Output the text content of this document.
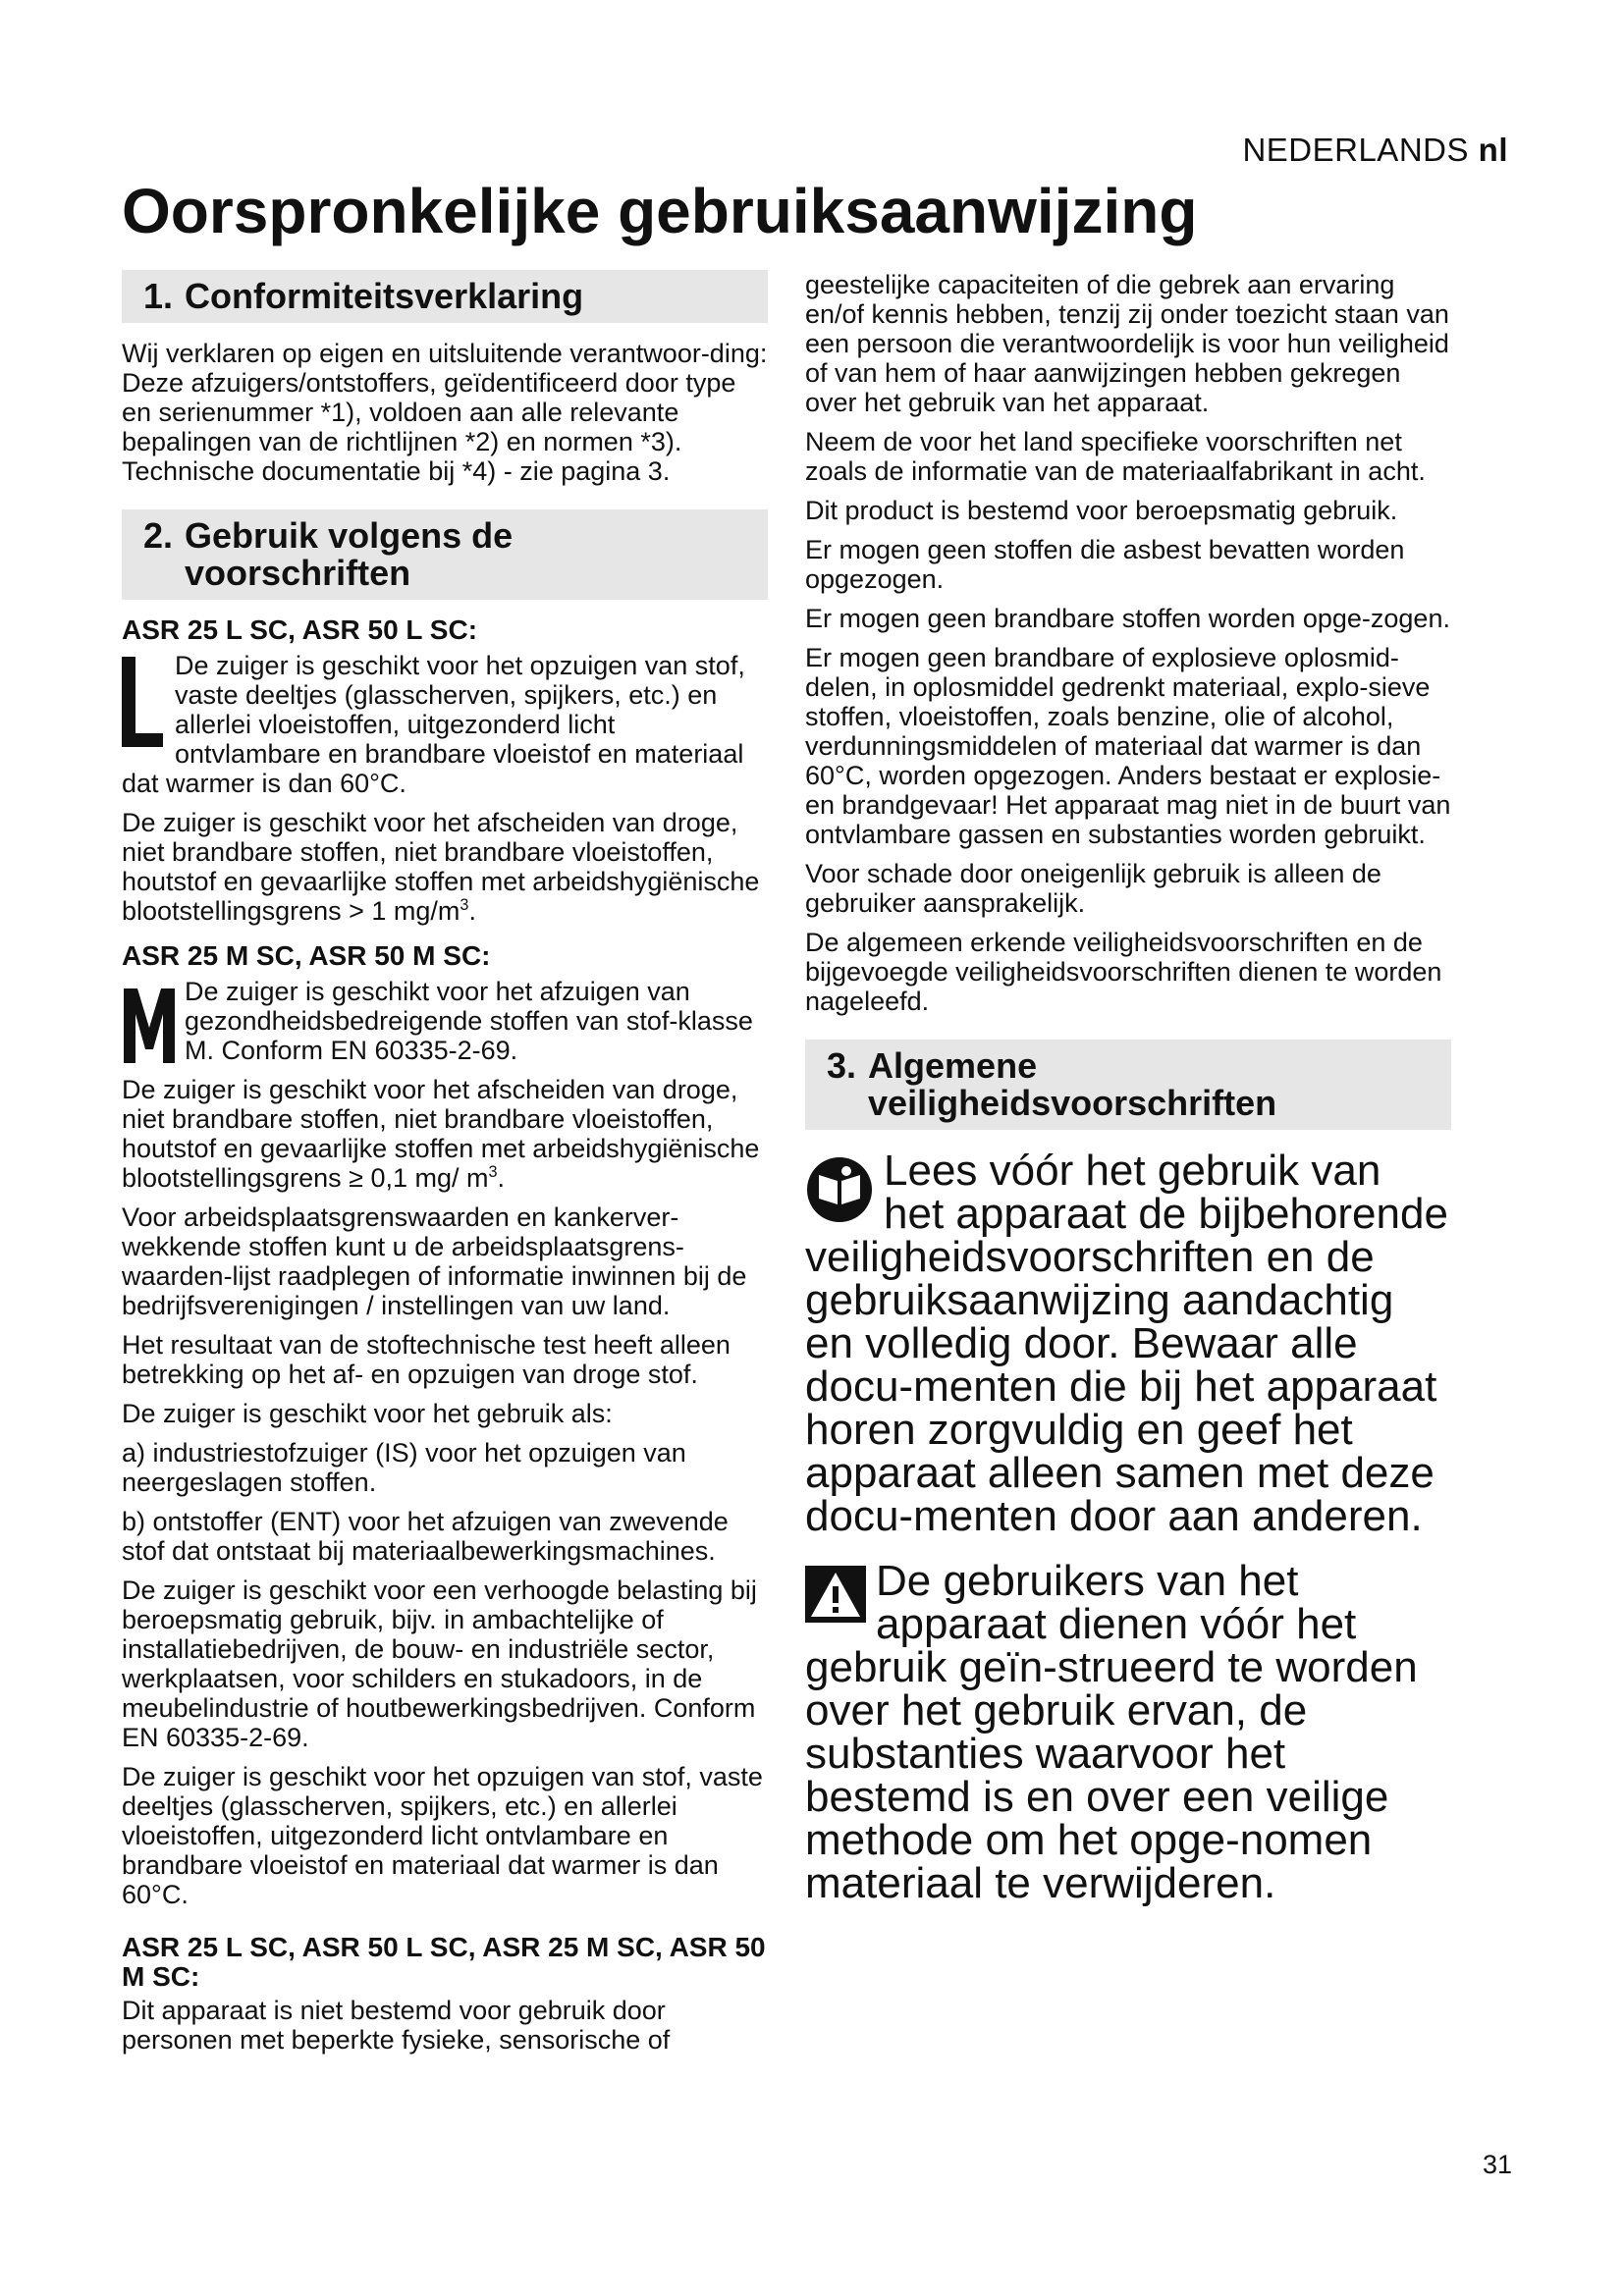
NEDERLANDS nl
Oorspronkelijke gebruiksaanwijzing
1. Conformiteitsverklaring

Wij verklaren op eigen en uitsluitende verantwoor-ding: Deze afzuigers/ontstoffers, geïdentificeerd door type en serienummer *1), voldoen aan alle relevante bepalingen van de richtlijnen *2) en normen *3). Technische documentatie bij *4) - zie pagina 3.

2. Gebruik volgens de voorschriften
ASR 25 L SC, ASR 50 L SC:

De zuiger is geschikt voor het opzuigen van stof, vaste deeltjes (glasscherven, spijkers, etc.) en allerlei vloeistoffen, uitgezonderd licht ontvlambare en brandbare vloeistof en materiaal dat warmer is dan 60°C.

De zuiger is geschikt voor het afscheiden van droge, niet brandbare stoffen, niet brandbare vloeistoffen, houtstof en gevaarlijke stoffen met arbeidshygiënische blootstellingsgrens > 1 $mg/m^3$.

ASR 25 M SC, ASR 50 M SC:

De zuiger is geschikt voor het afzuigen van gezondheidsbedreigende stoffen van stof-klasse M. Conform EN 60335-2-69.

De zuiger is geschikt voor het afscheiden van droge, niet brandbare stoffen, niet brandbare vloeistoffen, houtstof en gevaarlijke stoffen met arbeidshygiënische blootstellingsgrens ≥ 0,1 mg/ $m^3$.

Voor arbeidsplaatsgrenswaarden en kankerver-wekkende stoffen kunt u de arbeidsplaatsgrens-waarden-lijst raadplegen of informatie inwinnen bij de bedrijfsverenigingen / instellingen van uw land.

Het resultaat van de stoftechnische test heeft alleen betrekking op het af- en opzuigen van droge stof.

De zuiger is geschikt voor het gebruik als:

a) industriestofzuiger (IS) voor het opzuigen van neergeslagen stoffen.

b) ontstoffer (ENT) voor het afzuigen van zwevende stof dat ontstaat bij materiaalbewerkingsmachines.

De zuiger is geschikt voor een verhoogde belasting bij beroepsmatig gebruik, bijv. in ambachtelijke of installatiebedrijven, de bouw- en industriële sector, werkplaatsen, voor schilders en stukadoors, in de meubelindustrie of houtbewerkingsbedrijven. Conform EN 60335-2-69.

De zuiger is geschikt voor het opzuigen van stof, vaste deeltjes (glasscherven, spijkers, etc.) en allerlei vloeistoffen, uitgezonderd licht ontvlambare en brandbare vloeistof en materiaal dat warmer is dan 60°C.

ASR 25 L SC, ASR 50 L SC, ASR 25 M SC, ASR 50 M SC:

Dit apparaat is niet bestemd voor gebruik door personen met beperkte fysieke, sensorische of

geestelijke capaciteiten of die gebrek aan ervaring en/of kennis hebben, tenzij zij onder toezicht staan van een persoon die verantwoordelijk is voor hun veiligheid of van hem of haar aanwijzingen hebben gekregen over het gebruik van het apparaat.

Neem de voor het land specifieke voorschriften net zoals de informatie van de materiaalfabrikant in acht.

Dit product is bestemd voor beroepsmatig gebruik.

Er mogen geen stoffen die asbest bevatten worden opgezogen.

Er mogen geen brandbare stoffen worden opge-zogen.

Er mogen geen brandbare of explosieve oplosmid-delen, in oplosmiddel gedrenkt materiaal, explo-sieve stoffen, vloeistoffen, zoals benzine, olie of alcohol, verdunningsmiddelen of materiaal dat warmer is dan 60°C, worden opgezogen. Anders bestaat er explosie- en brandgevaar! Het apparaat mag niet in de buurt van ontvlambare gassen en substanties worden gebruikt.

Voor schade door oneigenlijk gebruik is alleen de gebruiker aansprakelijk.

De algemeen erkende veiligheidsvoorschriften en de bijgevoegde veiligheidsvoorschriften dienen te worden nageleefd.

3. Algemene veiligheidsvoorschriften

Lees vóór het gebruik van het apparaat de bijbehorende veiligheidsvoorschriften en de gebruiksaanwijzing aandachtig en volledig door. Bewaar alle docu-menten die bij het apparaat horen zorgvuldig en geef het apparaat alleen samen met deze docu-menten door aan anderen.

De gebruikers van het apparaat dienen vóór het gebruik geïn-strueerd te worden over het gebruik ervan, de substanties waarvoor het bestemd is en over een veilige methode om het opge-nomen materiaal te verwijderen.

31
